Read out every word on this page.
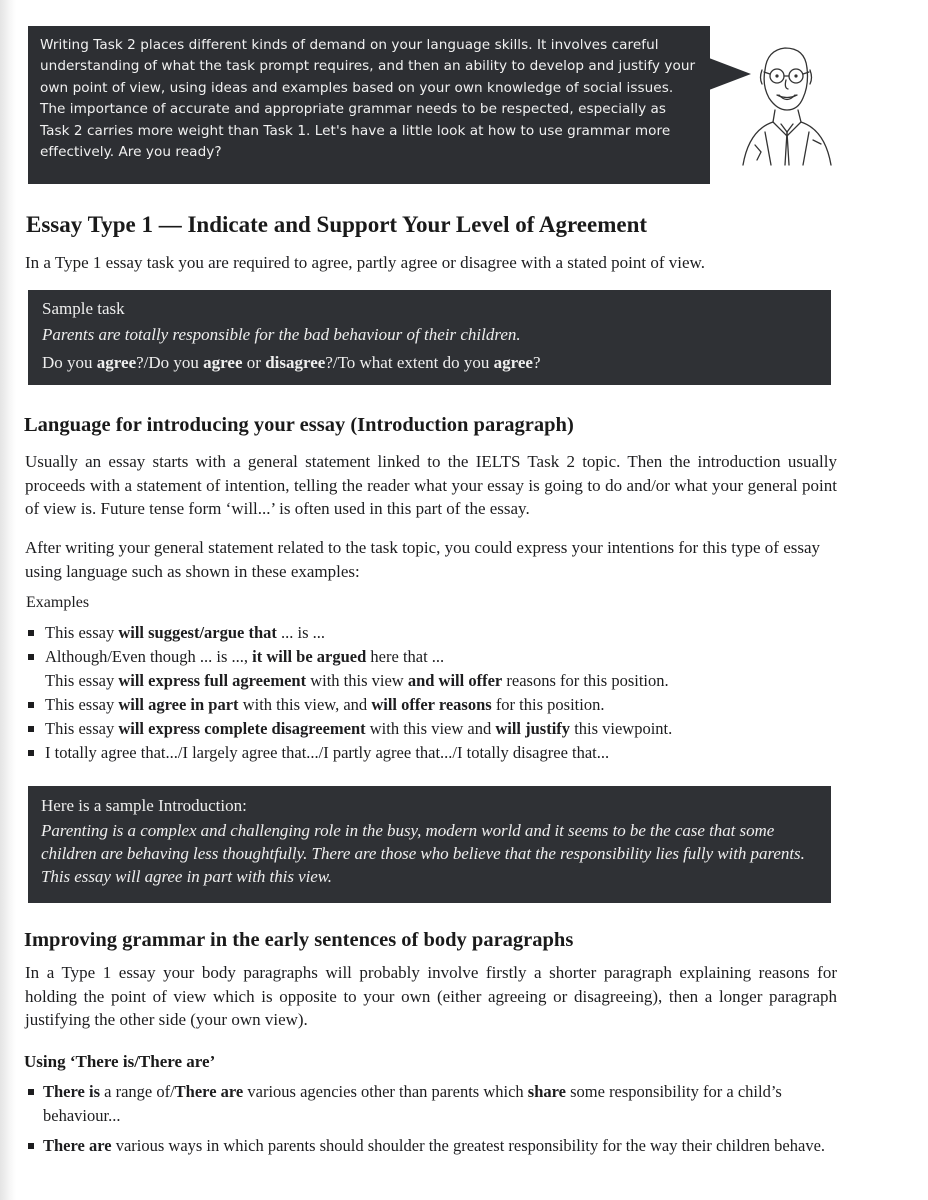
Writing Task 2 places different kinds of demand on your language skills. It involves careful understanding of what the task prompt requires, and then an ability to develop and justify your own point of view, using ideas and examples based on your own knowledge of social issues. The importance of accurate and appropriate grammar needs to be respected, especially as Task 2 carries more weight than Task 1. Let's have a little look at how to use grammar more effectively. Are you ready?
Essay Type 1 — Indicate and Support Your Level of Agreement
In a Type 1 essay task you are required to agree, partly agree or disagree with a stated point of view.
Sample task
Parents are totally responsible for the bad behaviour of their children.
Do you agree?/Do you agree or disagree?/To what extent do you agree?
Language for introducing your essay (Introduction paragraph)
Usually an essay starts with a general statement linked to the IELTS Task 2 topic. Then the introduction usually proceeds with a statement of intention, telling the reader what your essay is going to do and/or what your general point of view is. Future tense form ‘will...’ is often used in this part of the essay.
After writing your general statement related to the task topic, you could express your intentions for this type of essay using language such as shown in these examples:
Examples
This essay will suggest/argue that ... is ...
Although/Even though ... is ..., it will be argued here that ...
This essay will express full agreement with this view and will offer reasons for this position.
This essay will agree in part with this view, and will offer reasons for this position.
This essay will express complete disagreement with this view and will justify this viewpoint.
I totally agree that.../I largely agree that.../I partly agree that.../I totally disagree that...
Here is a sample Introduction:
Parenting is a complex and challenging role in the busy, modern world and it seems to be the case that some children are behaving less thoughtfully. There are those who believe that the responsibility lies fully with parents. This essay will agree in part with this view.
Improving grammar in the early sentences of body paragraphs
In a Type 1 essay your body paragraphs will probably involve firstly a shorter paragraph explaining reasons for holding the point of view which is opposite to your own (either agreeing or disagreeing), then a longer paragraph justifying the other side (your own view).
Using ‘There is/There are’
There is a range of/There are various agencies other than parents which share some responsibility for a child’s behaviour...
There are various ways in which parents should shoulder the greatest responsibility for the way their children behave.
